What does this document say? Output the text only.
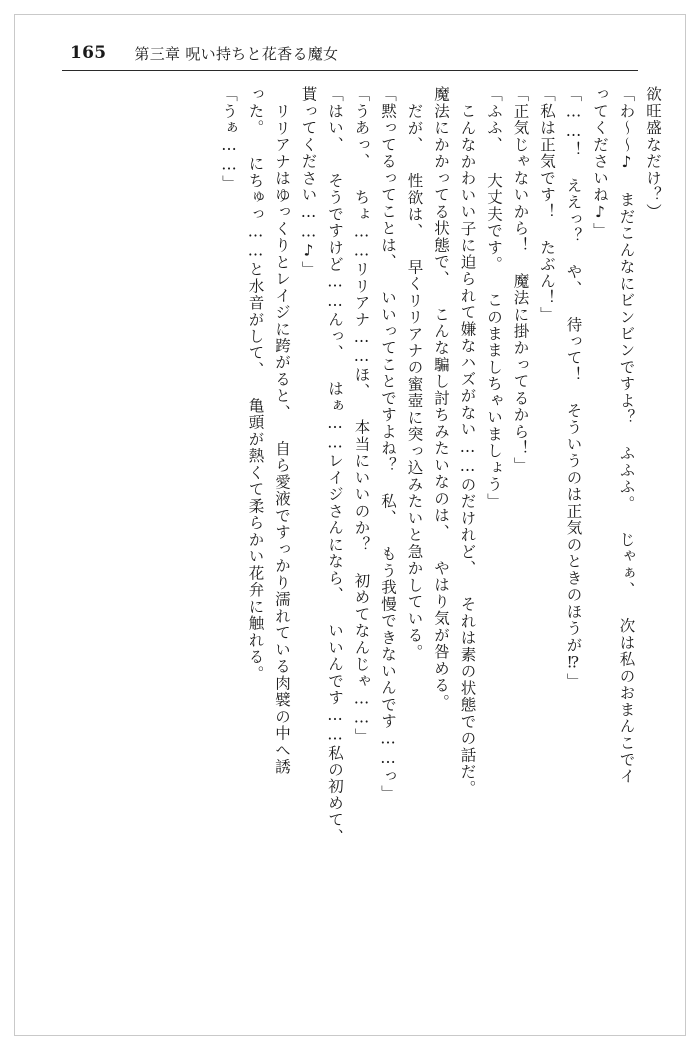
165 第三章 呪い持ちと花香る魔女
欲旺盛なだけ？）
「わ～～♪ まだこんなにビンビンですよ？ ふふふ。 じゃぁ、 次は私のおまんこでイ
ってくださいね♪」
「……！ ええっ？ や、 待って！ そういうのは正気のときのほうが⁉」
「私は正気です！ たぶん！」
「正気じゃないから！ 魔法に掛かってるから！」
「ふふ、 大丈夫です。 このまましちゃいましょう」
こんなかわいい子に迫られて嫌なハズがない……のだけれど、 それは素の状態での話だ。
魔法にかかってる状態で、 こんな騙し討ちみたいなのは、 やはり気が咎める。
だが、 性欲は、 早くリリアナの蜜壺に突っ込みたいと急かしている。
「黙ってるってことは、 いいってことですよね？ 私、 もう我慢できないんです……っ」
「うあっ、 ちょ……リリアナ……ほ、 本当にいいのか？ 初めてなんじゃ……」
「はい、 そうですけど……んっ、 はぁ……レイジさんになら、 いいんです……私の初めて、
貰ってください……♪」
リリアナはゆっくりとレイジに跨がると、 自ら愛液ですっかり濡れている肉襞の中へ誘
った。 にちゅっ……と水音がして、 亀頭が熱くて柔らかい花弁に触れる。
「うぁ……」
